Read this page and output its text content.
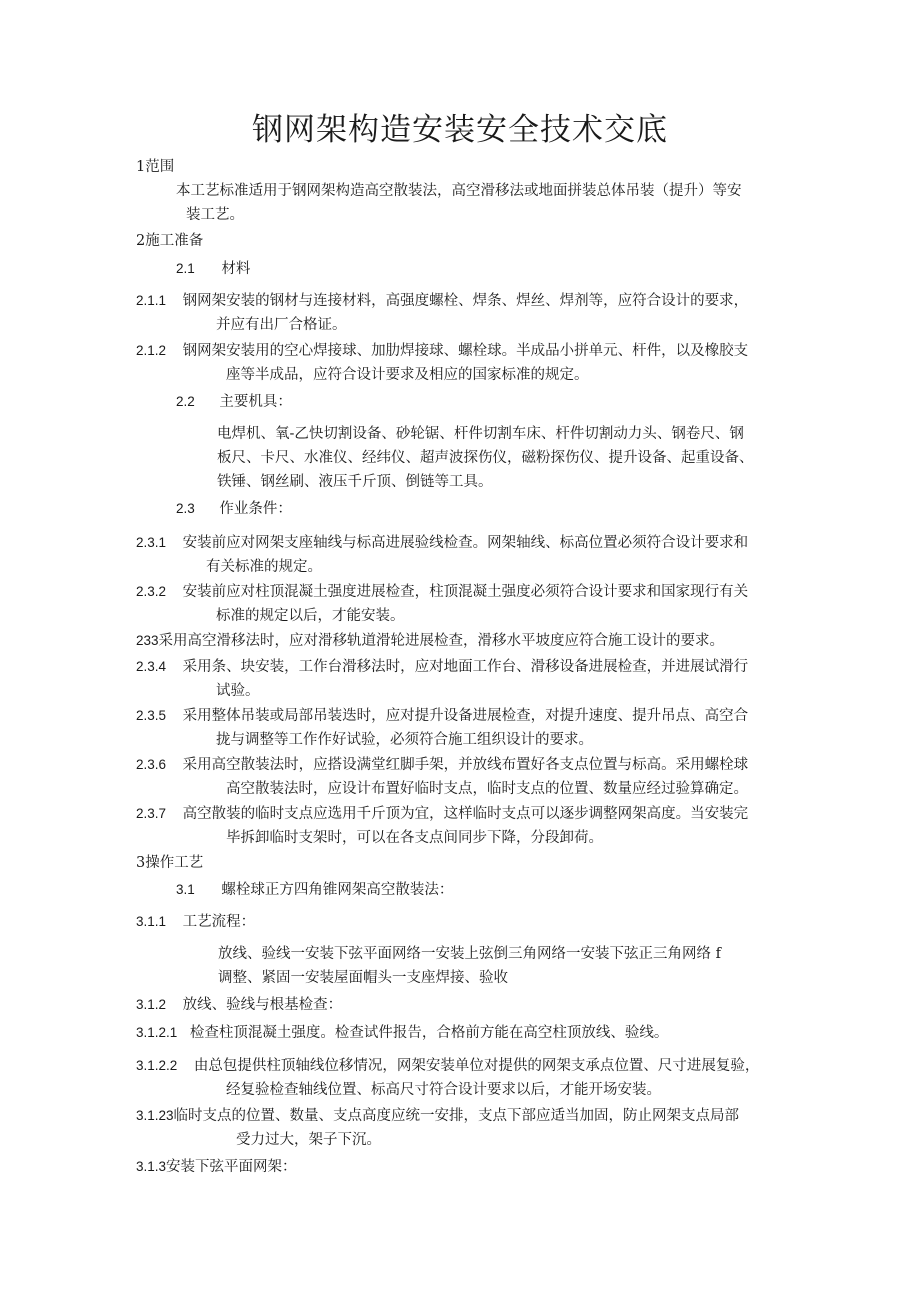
钢网架构造安装安全技术交底
1范围
本工艺标准适用于钢网架构造高空散装法，高空滑移法或地面拼装总体吊装（提升）等安
装工艺。
2施工准备
2.1 材料
2.1.1 钢网架安装的钢材与连接材料，高强度螺栓、焊条、焊丝、焊剂等，应符合设计的要求，
并应有出厂合格证。
2.1.2 钢网架安装用的空心焊接球、加肋焊接球、螺栓球。半成品小拼单元、杆件，以及橡胶支
座等半成品，应符合设计要求及相应的国家标准的规定。
2.2 主要机具：
电焊机、氧-乙快切割设备、砂轮锯、杆件切割车床、杆件切割动力头、钢卷尺、钢
板尺、卡尺、水准仪、经纬仪、超声波探伤仪，磁粉探伤仪、提升设备、起重设备、
铁锤、钢丝刷、液压千斤顶、倒链等工具。
2.3 作业条件：
2.3.1 安装前应对网架支座轴线与标高进展验线检查。网架轴线、标高位置必须符合设计要求和
有关标准的规定。
2.3.2 安装前应对柱顶混凝土强度进展检查，柱顶混凝土强度必须符合设计要求和国家现行有关
标准的规定以后，才能安装。
233采用高空滑移法时，应对滑移轨道滑轮进展检查，滑移水平坡度应符合施工设计的要求。
2.3.4 采用条、块安装，工作台滑移法时，应对地面工作台、滑移设备进展检查，并进展试滑行
试验。
2.3.5 采用整体吊装或局部吊装迭时，应对提升设备进展检查，对提升速度、提升吊点、高空合
拢与调整等工作作好试验，必须符合施工组织设计的要求。
2.3.6 采用高空散装法时，应搭设满堂红脚手架，并放线布置好各支点位置与标高。采用螺栓球
高空散装法时，应设计布置好临时支点，临时支点的位置、数量应经过验算确定。
2.3.7 高空散装的临时支点应选用千斤顶为宜，这样临时支点可以逐步调整网架高度。当安装完
毕拆卸临时支架时，可以在各支点间同步下降，分段卸荷。
3操作工艺
3.1 螺栓球正方四角锥网架高空散装法：
3.1.1 工艺流程：
放线、验线一安装下弦平面网络一安装上弦倒三角网络一安装下弦正三角网络 f
调整、紧固一安装屋面帽头一支座焊接、验收
3.1.2 放线、验线与根基检查：
3.1.2.1 检查柱顶混凝土强度。检查试件报告，合格前方能在高空柱顶放线、验线。
3.1.2.2 由总包提供柱顶轴线位移情况，网架安装单位对提供的网架支承点位置、尺寸进展复验，
经复验检查轴线位置、标高尺寸符合设计要求以后，才能开场安装。
3.1.23临时支点的位置、数量、支点高度应统一安排，支点下部应适当加固，防止网架支点局部
受力过大，架子下沉。
3.1.3安装下弦平面网架：
